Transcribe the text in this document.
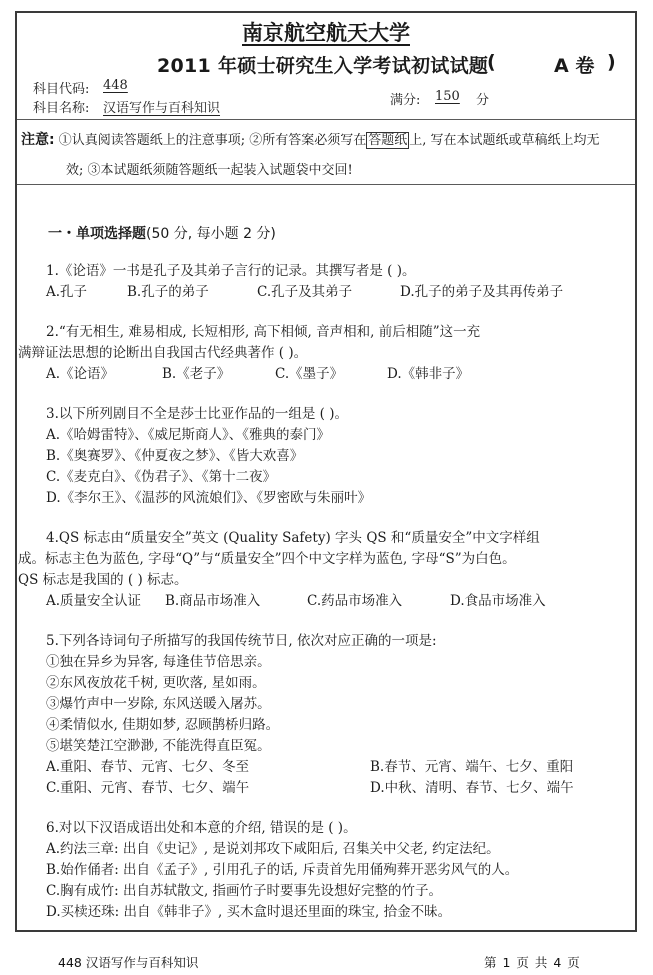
南京航空航天大学
2011 年硕士研究生入学考试初试试题
(	A 卷 )
科目代码: 448
科目名称: 汉语写作与百科知识
满分: 150 分
注意: ①认真阅读答题纸上的注意事项; ②所有答案必须写在 答题纸 上, 写在本试题纸或草稿纸上均无
效; ③本试题纸须随答题纸一起装入试题袋中交回!
一・单项选择题(50 分, 每小题 2 分)
1.《论语》一书是孔子及其弟子言行的记录。其撰写者是 ( )。
A.孔子	B.孔子的弟子	C.孔子及其弟子	D.孔子的弟子及其再传弟子
2.“有无相生, 难易相成, 长短相形, 高下相倾, 音声相和, 前后相随”这一充
满辩证法思想的论断出自我国古代经典著作 ( )。
A.《论语》	B.《老子》	C.《墨子》	D.《韩非子》
3.以下所列剧目不全是莎士比亚作品的一组是 ( )。
A.《哈姆雷特》、《威尼斯商人》、《雅典的泰门》
B.《奥赛罗》、《仲夏夜之梦》、《皆大欢喜》
C.《麦克白》、《伪君子》、《第十二夜》
D.《李尔王》、《温莎的风流娘们》、《罗密欧与朱丽叶》
4.QS 标志由“质量安全”英文 (Quality Safety) 字头 QS 和“质量安全”中文字样组
成。标志主色为蓝色, 字母“Q”与“质量安全”四个中文字样为蓝色, 字母“S”为白色。
QS 标志是我国的 ( ) 标志。
A.质量安全认证 B.商品市场准入	C.药品市场准入	D.食品市场准入
5.下列各诗词句子所描写的我国传统节日, 依次对应正确的一项是:
①独在异乡为异客, 每逢佳节倍思亲。
②东风夜放花千树, 更吹落, 星如雨。
③爆竹声中一岁除, 东风送暖入屠苏。
④柔情似水, 佳期如梦, 忍顾鹊桥归路。
⑤堪笑楚江空渺渺, 不能洗得直臣冤。
A.重阳、春节、元宵、七夕、冬至	B.春节、元宵、端午、七夕、重阳
C.重阳、元宵、春节、七夕、端午	D.中秋、清明、春节、七夕、端午
6.对以下汉语成语出处和本意的介绍, 错误的是 ( )。
A.约法三章: 出自《史记》, 是说刘邦攻下咸阳后, 召集关中父老, 约定法纪。
B.始作俑者: 出自《孟子》, 引用孔子的话, 斥责首先用俑殉葬开恶劣风气的人。
C.胸有成竹: 出自苏轼散文, 指画竹子时要事先设想好完整的竹子。
D.买椟还珠: 出自《韩非子》, 买木盒时退还里面的珠宝, 拾金不昧。
448 汉语写作与百科知识	第 1 页 共 4 页
